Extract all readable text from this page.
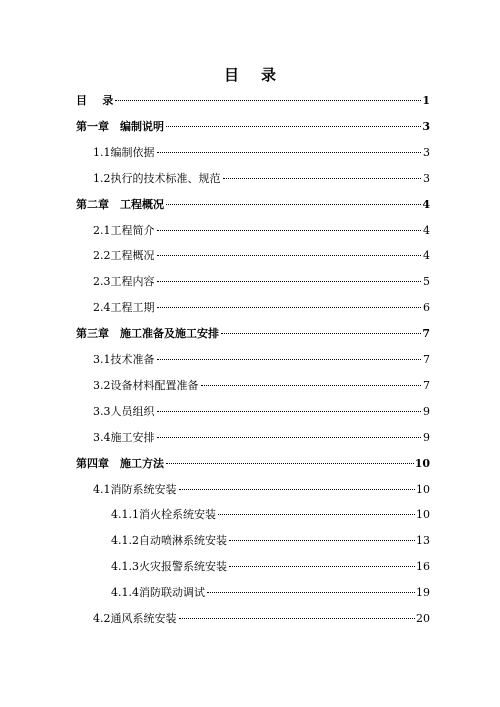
目 录
目    录	1
第一章　编制说明	3
1.1编制依据	3
1.2执行的技术标准、规范	3
第二章　工程概况	4
2.1工程简介	4
2.2工程概况	4
2.3工程内容	5
2.4工程工期	6
第三章　施工准备及施工安排	7
3.1技术准备	7
3.2设备材料配置准备	7
3.3人员组织	9
3.4施工安排	9
第四章　施工方法	10
4.1消防系统安装	10
4.1.1消火栓系统安装	10
4.1.2自动喷淋系统安装	13
4.1.3火灾报警系统安装	16
4.1.4消防联动调试	19
4.2通风系统安装	20
